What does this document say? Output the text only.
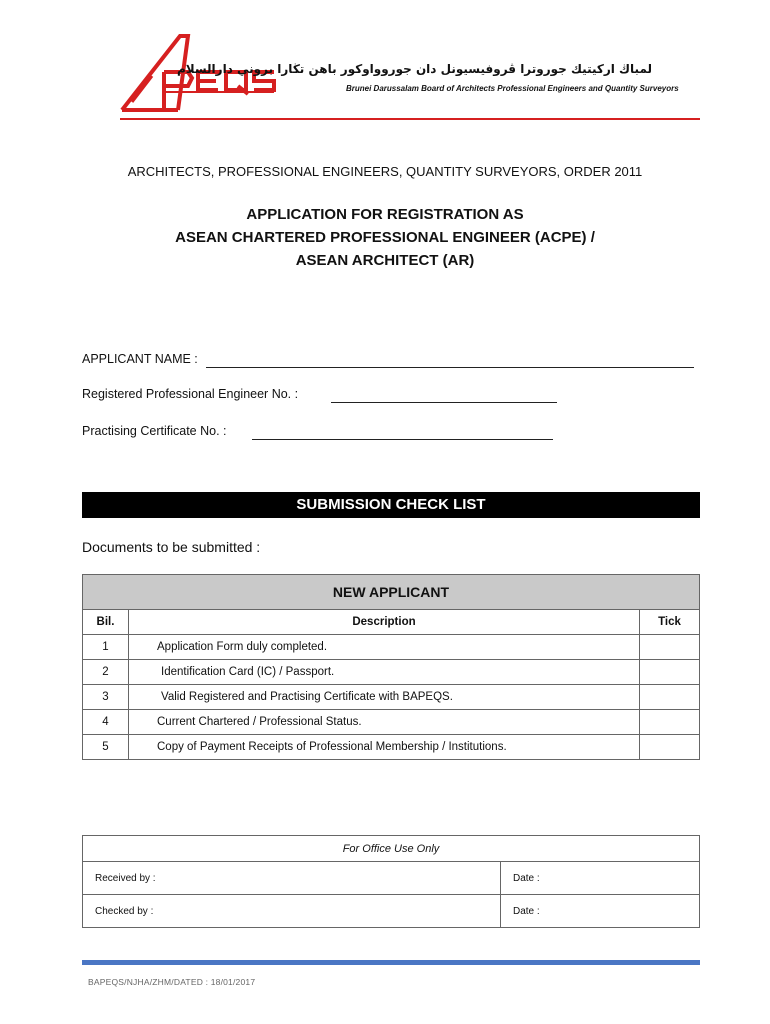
لمباڬ اركيتيك جوروترا ڤروفيسيونل دان جوروواوكور باهن تڬارا بروني دارالسلام
Brunei Darussalam Board of Architects Professional Engineers and Quantity Surveyors
ARCHITECTS, PROFESSIONAL ENGINEERS, QUANTITY SURVEYORS, ORDER 2011
APPLICATION FOR REGISTRATION AS
ASEAN CHARTERED PROFESSIONAL ENGINEER (ACPE) /
ASEAN ARCHITECT (AR)
APPLICANT NAME :
Registered Professional Engineer No. :
Practising Certificate No. :
SUBMISSION CHECK LIST
Documents to be submitted :
NEW APPLICANT		
Bil.	Description	Tick
1	Application Form duly completed.	
2	Identification Card (IC) / Passport.	
3	Valid Registered and Practising Certificate with BAPEQS.	
4	Current Chartered / Professional Status.	
5	Copy of Payment Receipts of Professional Membership / Institutions.	
For Office Use Only	
Received by :	Date :
Checked by :	Date :
BAPEQS/NJHA/ZHM/DATED : 18/01/2017
